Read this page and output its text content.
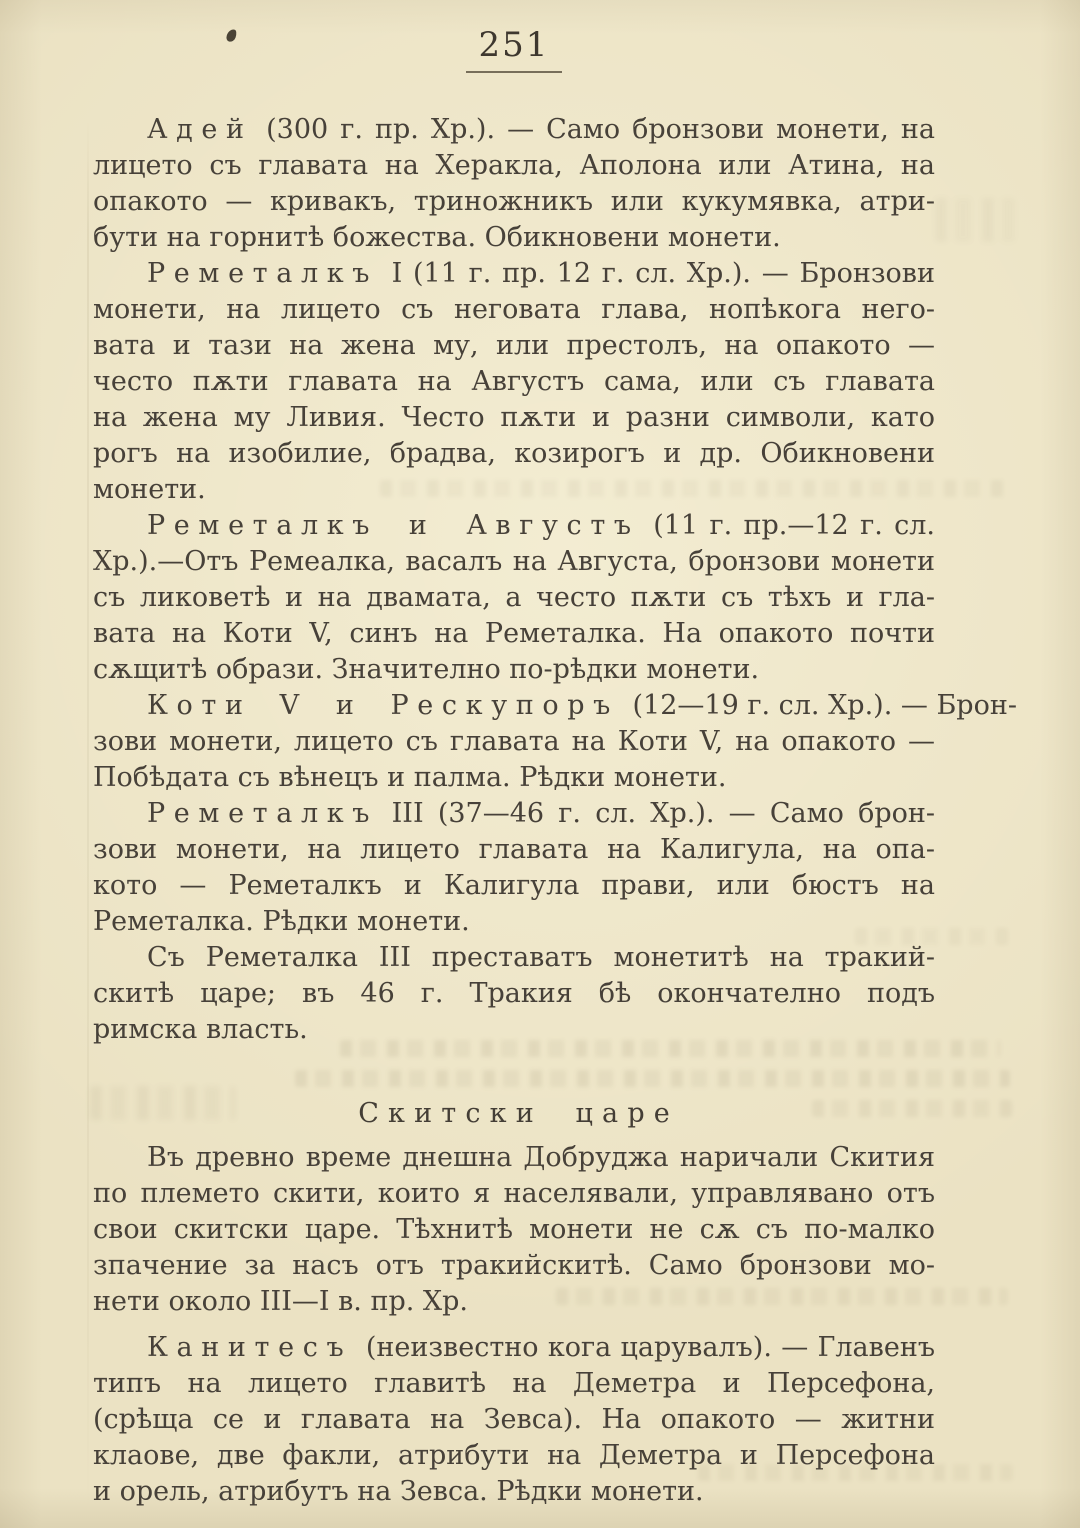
251
Адей (300 г. пр. Хр.). — Само бронзови монети, на
лицето съ главата на Херакла, Аполона или Атина, на
опакото — кривакъ, триножникъ или кукумявка, атри-
бути на горнитѣ божества. Обикновени монети.
Реметалкъ I (11 г. пр. 12 г. сл. Хр.). — Бронзови
монети, на лицето съ неговата глава, нопѣкога него-
вата и тази на жена му, или престолъ, на опакото —
често пѫти главата на Августъ сама, или съ главата
на жена му Ливия. Често пѫти и разни символи, като
рогъ на изобилие, брадва, козирогъ и др. Обикновени
монети.
Реметалкъ и Августъ (11 г. пр.—12 г. сл.
Хр.).—Отъ Ремеалка, васалъ на Августа, бронзови монети
съ ликоветѣ и на двамата, а често пѫти съ тѣхъ и гла-
вата на Коти V, синъ на Реметалка. На опакото почти
сѫщитѣ образи. Значително по-рѣдки монети.
Коти V и Рескупоръ (12—19 г. сл. Хр.). — Брон-
зови монети, лицето съ главата на Коти V, на опакото —
Побѣдата съ вѣнецъ и палма. Рѣдки монети.
Реметалкъ III (37—46 г. сл. Хр.). — Само брон-
зови монети, на лицето главата на Калигула, на опа-
кото — Реметалкъ и Калигула прави, или бюстъ на
Реметалка. Рѣдки монети.
Съ Реметалка III преставатъ монетитѣ на тракий-
скитѣ царе; въ 46 г. Тракия бѣ окончателно подъ
римска власть.
Скитски царе
Въ древно време днешна Добруджа наричали Скития
по племето скити, които я населявали, управлявано отъ
свои скитски царе. Тѣхнитѣ монети не сѫ съ по-малко
зпачение за насъ отъ тракийскитѣ. Само бронзови мо-
нети около III—I в. пр. Хр.
Канитесъ (неизвестно кога царувалъ). — Главенъ
типъ на лицето главитѣ на Деметра и Персефона,
(срѣща се и главата на Зевса). На опакото — житни
клаове, две факли, атрибути на Деметра и Персефона
и орель, атрибутъ на Зевса. Рѣдки монети.
